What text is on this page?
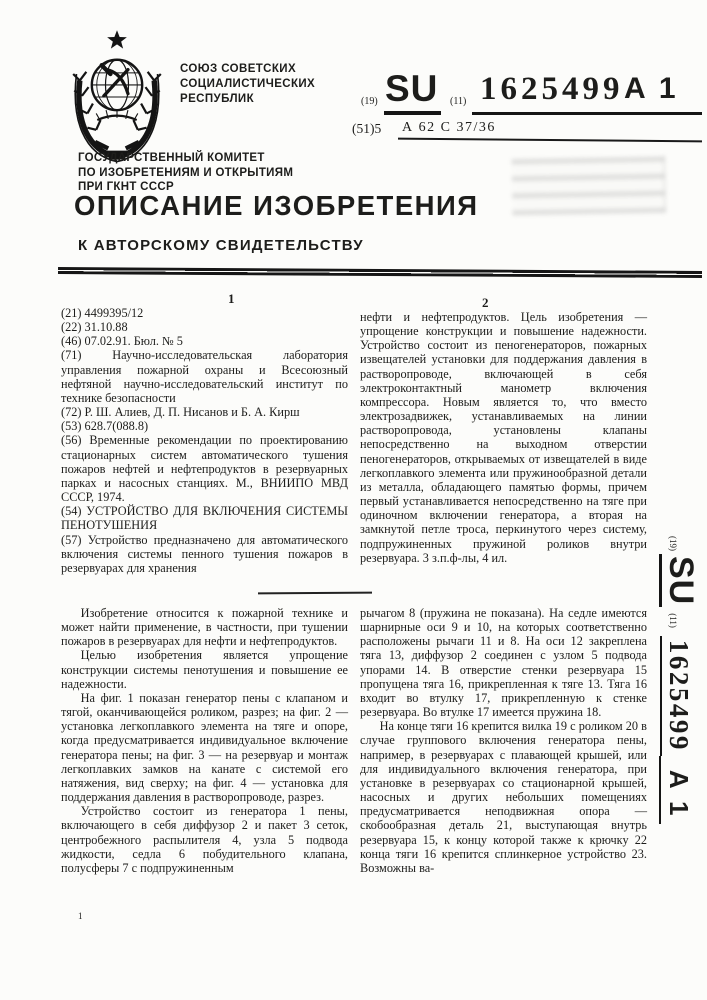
СОЮЗ СОВЕТСКИХ
СОЦИАЛИСТИЧЕСКИХ
РЕСПУБЛИК	(19) SU	(11) 1625499 A 1
(51)5 А 62 С 37/36
ГОСУДАРСТВЕННЫЙ КОМИТЕТ
ПО ИЗОБРЕТЕНИЯМ И ОТКРЫТИЯМ
ПРИ ГКНТ СССР
ОПИСАНИЕ ИЗОБРЕТЕНИЯ
К АВТОРСКОМУ СВИДЕТЕЛЬСТВУ
1	2
(21) 4499395/12
(22) 31.10.88
(46) 07.02.91. Бюл. № 5
(71) Научно-исследовательская лаборатория управления пожарной охраны и Всесоюзный нефтяной научно-исследовательский институт по технике безопасности
(72) Р. Ш. Алиев, Д. П. Нисанов и Б. А. Кирш
(53) 628.7(088.8)
(56) Временные рекомендации по проектированию стационарных систем автоматического тушения пожаров нефтей и нефтепродуктов в резервуарных парках и насосных станциях. М., ВНИИПО МВД СССР, 1974.
(54) УСТРОЙСТВО ДЛЯ ВКЛЮЧЕНИЯ СИСТЕМЫ ПЕНОТУШЕНИЯ
(57) Устройство предназначено для автоматического включения системы пенного тушения пожаров в резервуарах для хранения
нефти и нефтепродуктов. Цель изобретения — упрощение конструкции и повышение надежности. Устройство состоит из пеногенераторов, пожарных извещателей установки для поддержания давления в растворопроводе, включающей в себя электроконтактный манометр включения компрессора. Новым является то, что вместо электрозадвижек, устанавливаемых на линии растворопровода, установлены клапаны непосредственно на выходном отверстии пеногенераторов, открываемых от извещателей в виде легкоплавкого элемента или пружинообразной детали из металла, обладающего памятью формы, причем первый устанавливается непосредственно на тяге при одиночном включении генератора, а вторая на замкнутой петле троса, перкинутого через систему, подпружиненных пружиной роликов внутри резервуара. 3 з.п.ф-лы, 4 ил.

Изобретение относится к пожарной технике и может найти применение, в частности, при тушении пожаров в резервуарах для нефти и нефтепродуктов.

Целью изобретения является упрощение конструкции системы пенотушения и повышение ее надежности.

На фиг. 1 показан генератор пены с клапаном и тягой, оканчивающейся роликом, разрез; на фиг. 2 — установка легкоплавкого элемента на тяге и опоре, когда предусматривается индивидуальное включение генератора пены; на фиг. 3 — на резервуар и монтаж легкоплавких замков на канате с системой его натяжения, вид сверху; на фиг. 4 — установка для поддержания давления в растворопроводе, разрез.

Устройство состоит из генератора 1 пены, включающего в себя диффузор 2 и пакет 3 сеток, центробежного распылителя 4, узла 5 подвода жидкости, седла 6 побудительного клапана, полусферы 7 с подпружиненным

1

рычагом 8 (пружина не показана). На седле имеются шарнирные оси 9 и 10, на которых соответственно расположены рычаги 11 и 8. На оси 12 закреплена тяга 13, диффузор 2 соединен с узлом 5 подвода упорами 14. В отверстие стенки резервуара 15 пропущена тяга 16, прикрепленная к тяге 13. Тяга 16 входит во втулку 17, прикрепленную к стенке резервуара. Во втулке 17 имеется пружина 18.

На конце тяги 16 крепится вилка 19 с роликом 20 в случае группового включения генератора пены, например, в резервуарах с плавающей крышей, или для индивидуального включения генератора, при установке в резервуарах со стационарной крышей, насосных и других небольших помещениях предусматривается неподвижная опора — скобообразная деталь 21, выступающая внутрь резервуара 15, к концу которой также к крючку 22 конца тяги 16 крепится сплинкерное устройство 23. Возможны ва-

(19)SU(11)1625499A 1
